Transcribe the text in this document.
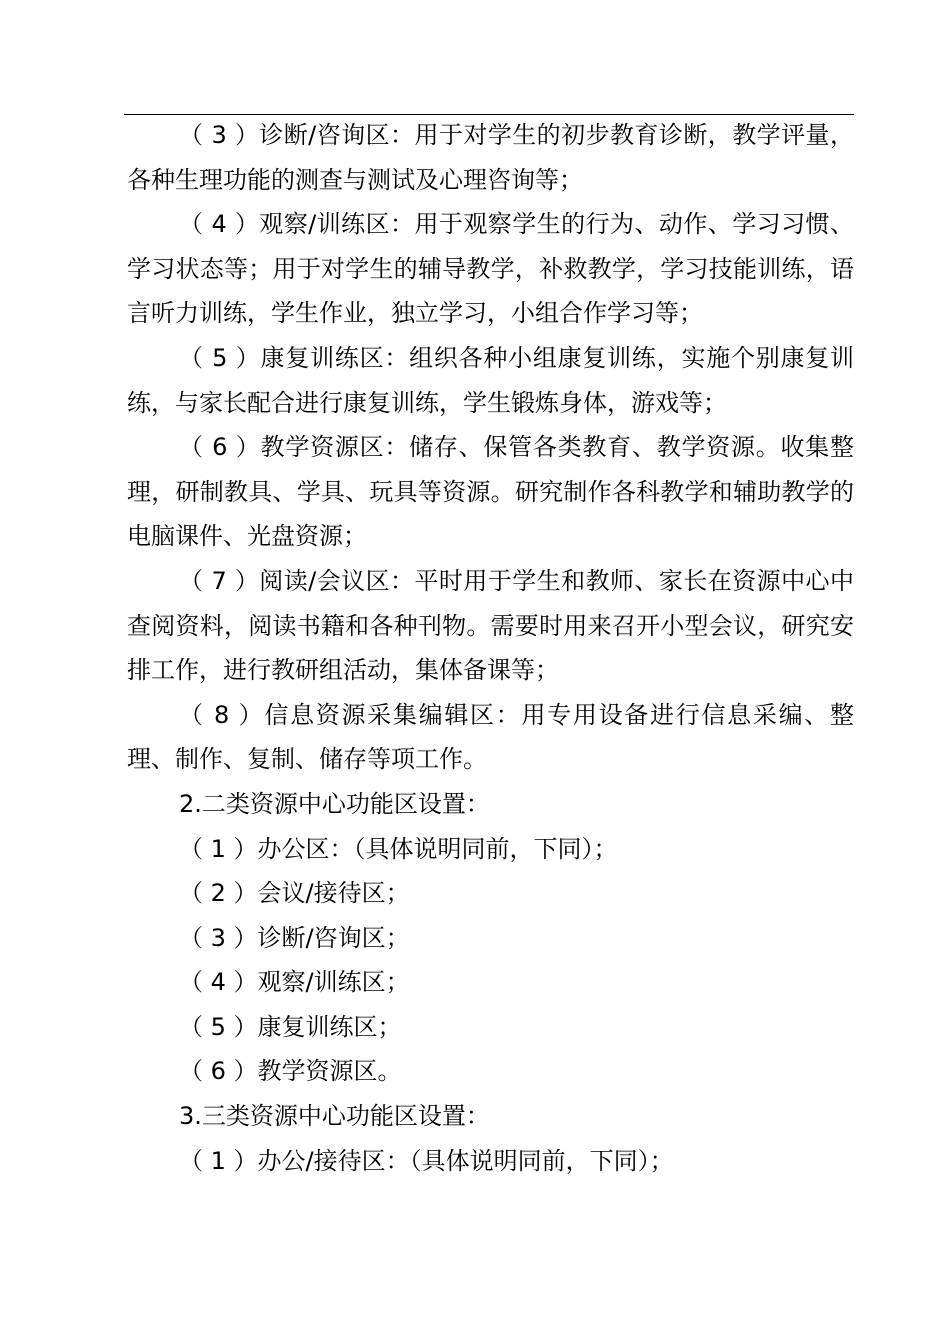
（ 3 ）诊断/咨询区：用于对学生的初步教育诊断，教学评量，各种生理功能的测查与测试及心理咨询等；

（ 4 ）观察/训练区：用于观察学生的行为、动作、学习习惯、学习状态等；用于对学生的辅导教学，补救教学，学习技能训练，语言听力训练，学生作业，独立学习，小组合作学习等；

（ 5 ）康复训练区：组织各种小组康复训练，实施个别康复训练，与家长配合进行康复训练，学生锻炼身体，游戏等；

（ 6 ）教学资源区：储存、保管各类教育、教学资源。收集整理，研制教具、学具、玩具等资源。研究制作各科教学和辅助教学的电脑课件、光盘资源；

（ 7 ）阅读/会议区：平时用于学生和教师、家长在资源中心中查阅资料，阅读书籍和各种刊物。需要时用来召开小型会议，研究安排工作，进行教研组活动，集体备课等；

（ 8 ）信息资源采集编辑区：用专用设备进行信息采编、整理、制作、复制、储存等项工作。

2.二类资源中心功能区设置：

（ 1 ）办公区：（具体说明同前，下同）；

（ 2 ）会议/接待区；

（ 3 ）诊断/咨询区；

（ 4 ）观察/训练区；

（ 5 ）康复训练区；

（ 6 ）教学资源区。

3.三类资源中心功能区设置：

（ 1 ）办公/接待区：（具体说明同前，下同）；
